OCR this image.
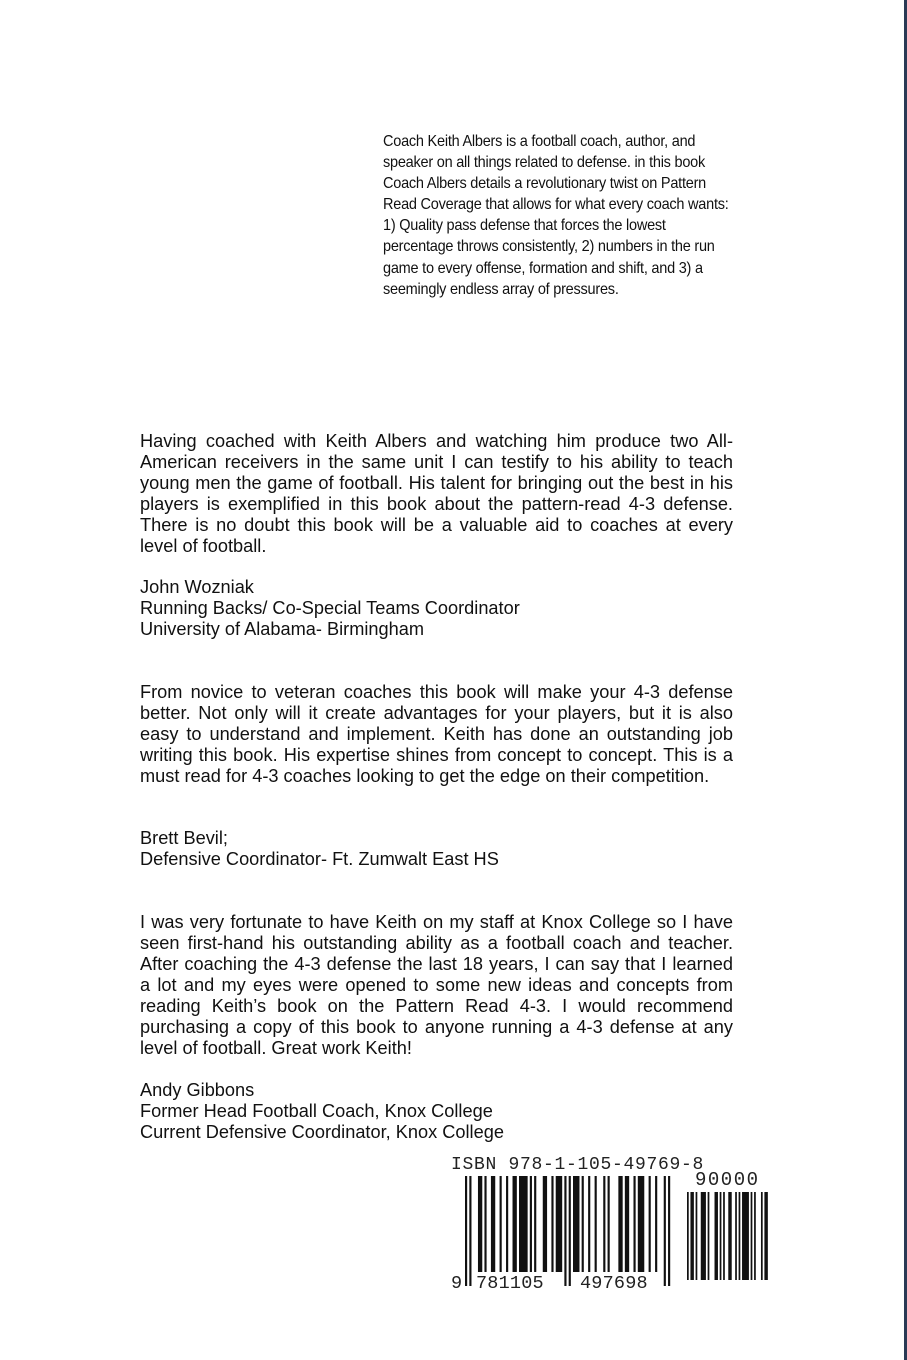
Coach Keith Albers is a football coach, author, and speaker on all things related to defense. in this book Coach Albers details a revolutionary twist on Pattern Read Coverage that allows for what every coach wants: 1) Quality pass defense that forces the lowest percentage throws consistently, 2) numbers in the run game to every offense, formation and shift, and 3) a seemingly endless array of pressures.

Having coached with Keith Albers and watching him produce two All-American receivers in the same unit I can testify to his ability to teach young men the game of football. His talent for bringing out the best in his players is exemplified in this book about the pattern-read 4-3 defense. There is no doubt this book will be a valuable aid to coaches at every level of football.

John Wozniak
Running Backs/ Co-Special Teams Coordinator
University of Alabama- Birmingham

From novice to veteran coaches this book will make your 4-3 defense better. Not only will it create advantages for your players, but it is also easy to understand and implement. Keith has done an outstanding job writing this book. His expertise shines from concept to concept. This is a must read for 4-3 coaches looking to get the edge on their competition.

Brett Bevil;
Defensive Coordinator- Ft. Zumwalt East HS

I was very fortunate to have Keith on my staff at Knox College so I have seen first-hand his outstanding ability as a football coach and teacher. After coaching the 4-3 defense the last 18 years, I can say that I learned a lot and my eyes were opened to some new ideas and concepts from reading Keith’s book on the Pattern Read 4-3. I would recommend purchasing a copy of this book to anyone running a 4-3 defense at any level of football. Great work Keith!

Andy Gibbons
Former Head Football Coach, Knox College
Current Defensive Coordinator, Knox College
ISBN 978-1-105-49769-8
90000
9 781105 497698
